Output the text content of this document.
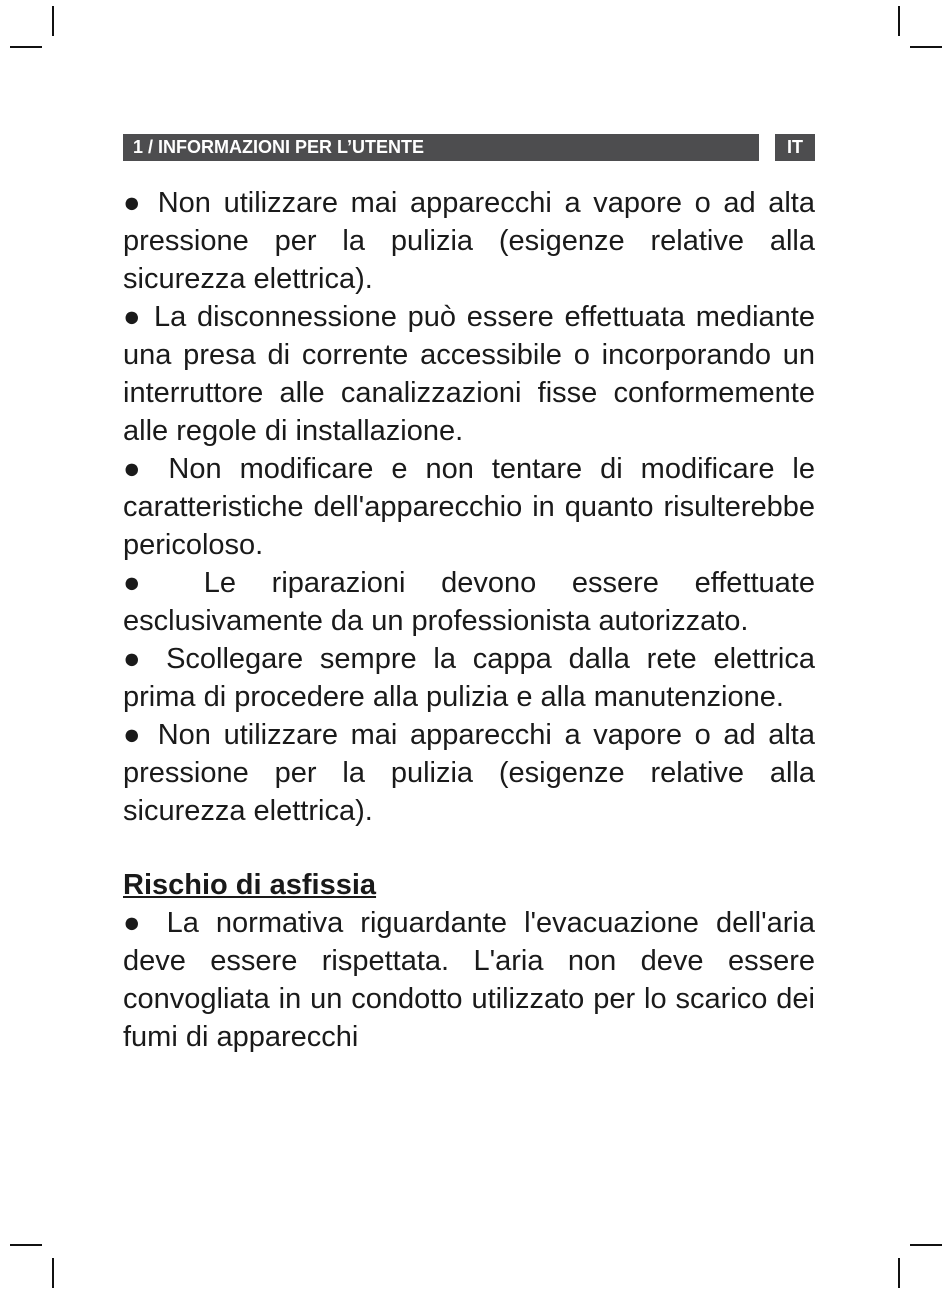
1 / INFORMAZIONI PER L’UTENTE	IT

● Non utilizzare mai apparecchi a vapore o ad alta pressione per la pulizia (esigenze relative alla sicurezza elettrica).

● La disconnessione può essere effettuata mediante una presa di corrente accessibile o incorporando un interruttore alle canalizzazioni fisse conformemente alle regole di installazione.

● Non modificare e non tentare di modificare le caratteristiche dell'apparecchio in quanto risulterebbe pericoloso.

● Le riparazioni devono essere effettuate esclusivamente da un professionista autorizzato.

● Scollegare sempre la cappa dalla rete elettrica prima di procedere alla pulizia e alla manutenzione.

● Non utilizzare mai apparecchi a vapore o ad alta pressione per la pulizia (esigenze relative alla sicurezza elettrica).

Rischio di asfissia

● La normativa riguardante l'evacuazione dell'aria deve essere rispettata. L'aria non deve essere convogliata in un condotto utilizzato per lo scarico dei fumi di apparecchi
